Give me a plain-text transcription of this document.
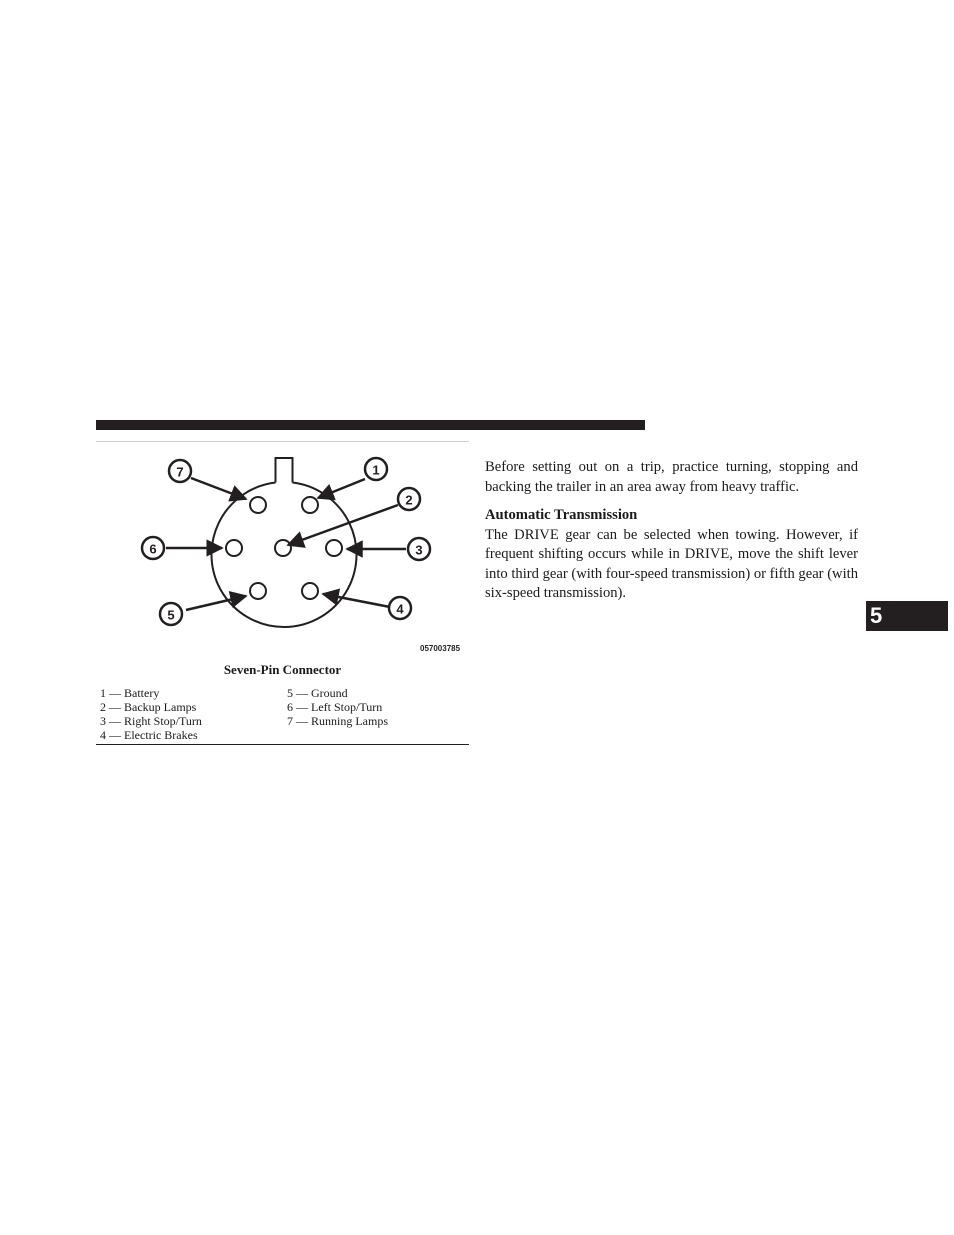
7	1
2
6	3
5	4
057003785
Seven-Pin Connector
1 — Battery
2 — Backup Lamps
3 — Right Stop/Turn
4 — Electric Brakes
5 — Ground
6 — Left Stop/Turn
7 — Running Lamps

Before setting out on a trip, practice turning, stopping and backing the trailer in an area away from heavy traffic.

Automatic Transmission

The DRIVE gear can be selected when towing. However, if frequent shifting occurs while in DRIVE, move the shift lever into third gear (with four-speed transmission) or fifth gear (with six-speed transmission).

5
